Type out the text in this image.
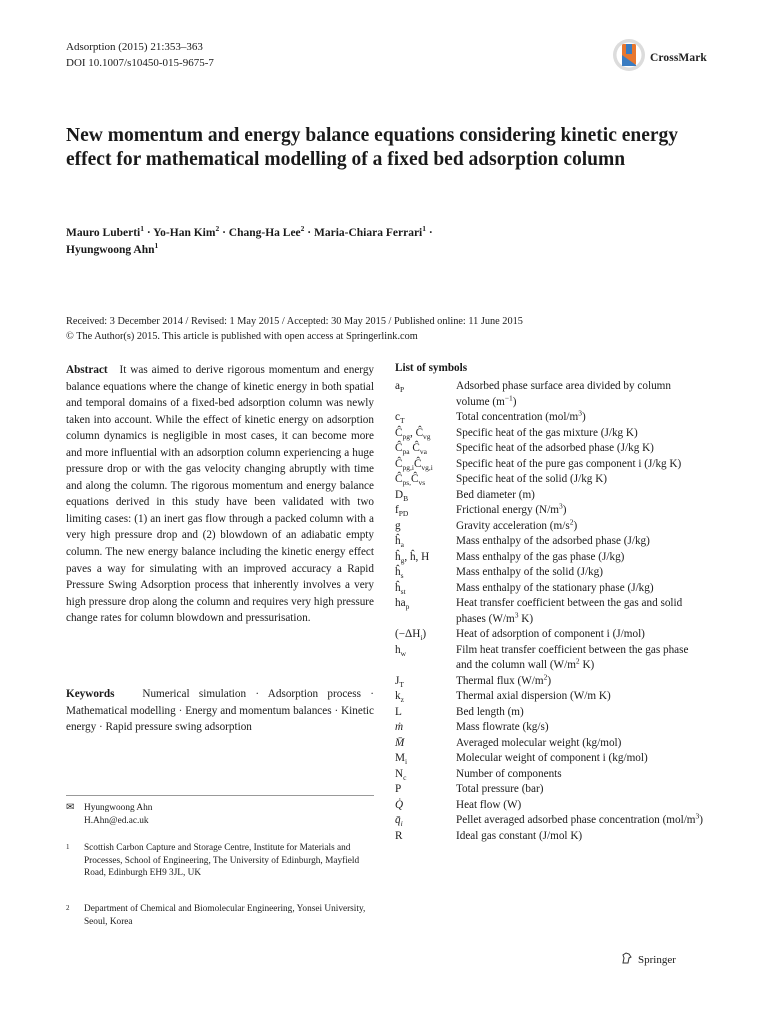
Adsorption (2015) 21:353–363
DOI 10.1007/s10450-015-9675-7	CrossMark
New momentum and energy balance equations considering kinetic energy effect for mathematical modelling of a fixed bed adsorption column
Mauro Luberti$^1$ · Yo-Han Kim$^2$ · Chang-Ha Lee$^2$ · Maria-Chiara Ferrari$^1$ ·
Hyungwoong Ahn$^1$
Received: 3 December 2014 / Revised: 1 May 2015 / Accepted: 30 May 2015 / Published online: 11 June 2015
© The Author(s) 2015. This article is published with open access at Springerlink.com
Abstract It was aimed to derive rigorous momentum and energy balance equations where the change of kinetic energy in both spatial and temporal domains of a fixed-bed adsorption column was newly taken into account. While the effect of kinetic energy on adsorption column dynamics is negligible in most cases, it can become more and more influential with an adsorption column experiencing a huge pressure drop or with the gas velocity changing abruptly with time and along the column. The rigorous momentum and energy balance equations derived in this study have been validated with two limiting cases: (1) an inert gas flow through a packed column with a very high pressure drop and (2) blowdown of an adiabatic empty column. The new energy balance including the kinetic energy effect paves a way for simulating with an improved accuracy a Rapid Pressure Swing Adsorption process that inherently involves a very high pressure drop along the column and requires very high pressure change rates for column blowdown and pressurisation.
Keywords Numerical simulation · Adsorption process · Mathematical modelling · Energy and momentum balances · Kinetic energy · Rapid pressure swing adsorption
✉ Hyungwoong Ahn
H.Ahn@ed.ac.uk
1 Scottish Carbon Capture and Storage Centre, Institute for Materials and Processes, School of Engineering, The University of Edinburgh, Mayfield Road, Edinburgh EH9 3JL, UK
2 Department of Chemical and Biomolecular Engineering, Yonsei University, Seoul, Korea
List of symbols
$a_P$	Adsorbed phase surface area divided by column volume $(m^{-1})$
$c_T$	Total concentration $(mol/m^3)$
$Ĉ_{pg}$, $Ĉ_{vg}$	Specific heat of the gas mixture (J/kg K)
$Ĉ_{pa}$ $Ĉ_{va}$	Specific heat of the adsorbed phase (J/kg K)
$Ĉ_{pg,i}Ĉ_{vg,i}$	Specific heat of the pure gas component i (J/kg K)
$Ĉ_{ps,}Ĉ_{vs}$	Specific heat of the solid (J/kg K)
$D_B$	Bed diameter (m)
$f_{PD}$	Frictional energy $(N/m^3)$
g	Gravity acceleration $(m/s^2)$
$ĥ_a$	Mass enthalpy of the adsorbed phase (J/kg)
$ĥ_g$, ĥ, H	Mass enthalpy of the gas phase (J/kg)
$ĥ_s$	Mass enthalpy of the solid (J/kg)
$ĥ_{st}$	Mass enthalpy of the stationary phase (J/kg)
$ha_p$	Heat transfer coefficient between the gas and solid phases ($W/m^3$ K)
$(-\Delta H_i)$	Heat of adsorption of component i (J/mol)
$h_w$	Film heat transfer coefficient between the gas phase and the column wall ($W/m^2$ K)
$J_T$	Thermal flux $(W/m^2)$
$k_z$	Thermal axial dispersion (W/m K)
L	Bed length (m)
ṁ	Mass flowrate (kg/s)
M̄	Averaged molecular weight (kg/mol)
$M_i$	Molecular weight of component i (kg/mol)
$N_c$	Number of components
P	Total pressure (bar)
Q̇	Heat flow (W)
$q̄_i$	Pellet averaged adsorbed phase concentration $(mol/m^3)$
R	Ideal gas constant (J/mol K)
Springer
